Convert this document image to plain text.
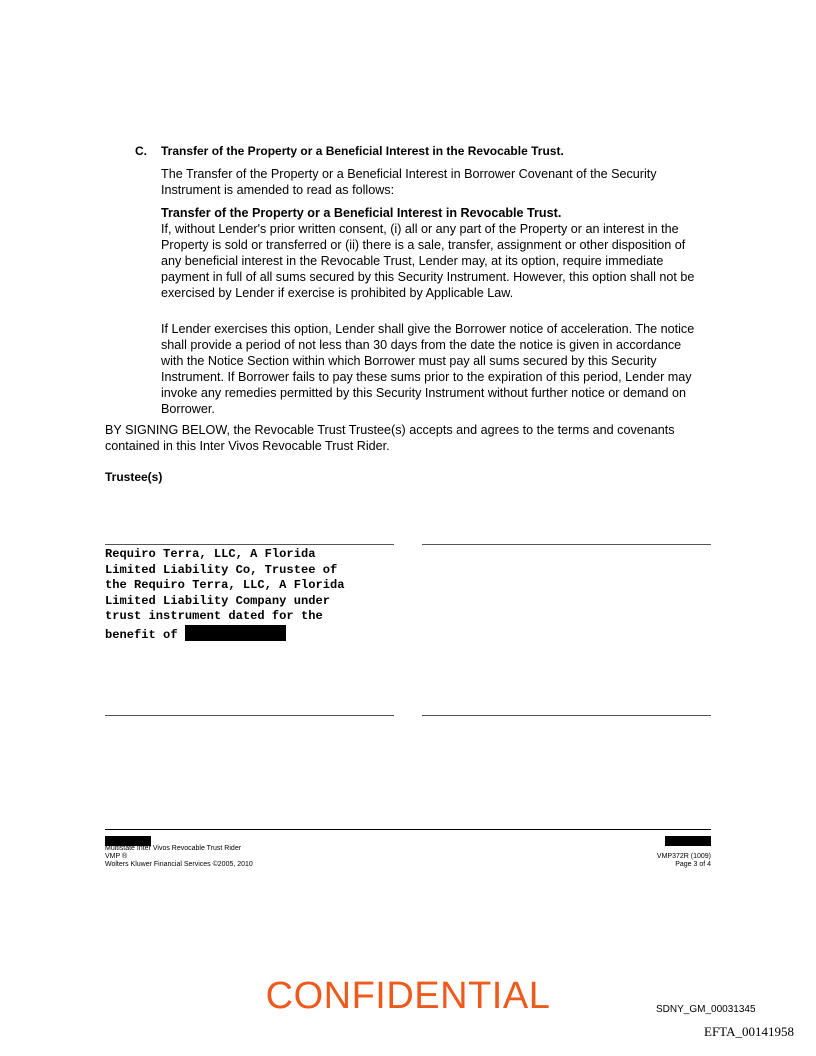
C. Transfer of the Property or a Beneficial Interest in the Revocable Trust.

The Transfer of the Property or a Beneficial Interest in Borrower Covenant of the Security Instrument is amended to read as follows:

Transfer of the Property or a Beneficial Interest in Revocable Trust.
If, without Lender's prior written consent, (i) all or any part of the Property or an interest in the Property is sold or transferred or (ii) there is a sale, transfer, assignment or other disposition of any beneficial interest in the Revocable Trust, Lender may, at its option, require immediate payment in full of all sums secured by this Security Instrument. However, this option shall not be exercised by Lender if exercise is prohibited by Applicable Law.

If Lender exercises this option, Lender shall give the Borrower notice of acceleration. The notice shall provide a period of not less than 30 days from the date the notice is given in accordance with the Notice Section within which Borrower must pay all sums secured by this Security Instrument. If Borrower fails to pay these sums prior to the expiration of this period, Lender may invoke any remedies permitted by this Security Instrument without further notice or demand on Borrower.

BY SIGNING BELOW, the Revocable Trust Trustee(s) accepts and agrees to the terms and covenants contained in this Inter Vivos Revocable Trust Rider.

Trustee(s)
Requiro Terra, LLC, A Florida
Limited Liability Co, Trustee of
the Requiro Terra, LLC, A Florida
Limited Liability Company under
trust instrument dated for the
benefit of
Multistate Inter Vivos Revocable Trust Rider
VMP ®
Wolters Kluwer Financial Services ©2005, 2010
VMP372R (1009)
Page 3 of 4
CONFIDENTIAL	SDNY_GM_00031345
EFTA_00141958
